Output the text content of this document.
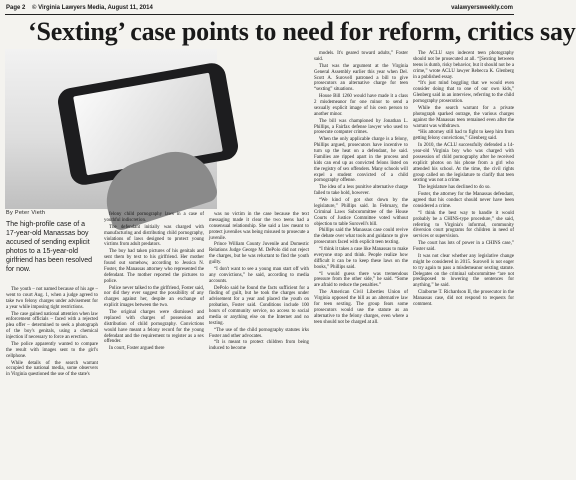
Page 2 © Virginia Lawyers Media, August 11, 2014	valawyersweekly.com
‘Sexting’ case points to need for reform, critics say
By Peter Vieth

The high-profile case of a 17-year-old Manassas boy accused of sending explicit photos to a 15-year-old girlfriend has been resolved for now.

The youth – not named because of his age – went to court Aug. 1, when a judge agreed to take two felony charges under advisement for a year while imposing tight restrictions.

The case gained national attention when law enforcement officials – faced with a rejected plea offer – determined to seek a photograph of the boy's genitals, using a chemical injection if necessary to force an erection.

The police apparently wanted to compare the result with images sent to the girl's cellphone.

While details of the search warrant occupied the national media, some observers in Virginia questioned the use of the state's

felony child pornography laws in a case of youthful indiscretion.

The defendant initially was charged with manufacturing and distributing child pornography, violations of laws designed to protect young victims from adult predators.

The boy had taken pictures of his genitals and sent them by text to his girlfriend. Her mother found out somehow, according to Jessica N. Foster, the Manassas attorney who represented the defendant. The mother reported the pictures to police.

Police never talked to the girlfriend, Foster said, nor did they ever suggest the possibility of any charges against her, despite an exchange of explicit images between the two.

The original charges were dismissed and replaced with charges of possession and distribution of child pornography. Convictions would have meant a felony record for the young defendant and the requirement to register as a sex offender.

In court, Foster argued there

was no victim in the case because the text messaging made it clear the two teens had a consensual relationship. She said a law meant to protect juveniles was being misused to prosecute a juvenile.

Prince William County Juvenile and Domestic Relations Judge George M. DePolo did not reject the charges, but he was reluctant to find the youth guilty.

“I don't want to see a young man start off with any convictions,” he said, according to media accounts.

DePolo said he found the facts sufficient for a finding of guilt, but he took the charges under advisement for a year and placed the youth on probation, Foster said. Conditions include 100 hours of community service, no access to social media or anything else on the Internet and no texting.

“The use of the child pornography statutes irks Foster and other advocates.

“It is meant to protect children from being induced to become

models. It's geared toward adults,” Foster said.

That was the argument at the Virginia General Assembly earlier this year when Del. Scott A. Surovell patroned a bill to give prosecutors an alternative charge for teen “sexting” situations.

House Bill 1260 would have made it a class 2 misdemeanor for one minor to send a sexually explicit image of his own person to another minor.

The bill was championed by Jonathan L. Phillips, a Fairfax defense lawyer who used to prosecute computer crimes.

When the only applicable charge is a felony, Phillips argued, prosecutors have incentive to turn up the heat on a defendant, he said. Families are ripped apart in the process and kids can end up as convicted felons listed on the registry of sex offenders. Many schools will expel a student convicted of a child pornography offense.

The idea of a less punitive alternative charge failed to take hold, however.

“We kind of got shot down by the legislature,” Phillips said. In February, the Criminal Laws Subcommittee of the House Courts of Justice Committee voted without objection to table Surovell's bill.

Phillips said the Manassas case could revive the debate over what tools and guidance to give prosecutors faced with explicit teen texting.

“I think it takes a case like Manassas to make everyone stop and think. People realize how difficult it can be to keep these laws on the books,” Phillips said.

“I would guess there was tremendous pressure from the other side,” he said. “Some are afraid to reduce the penalties.”

The American Civil Liberties Union of Virginia opposed the bill as an alternative law for teen sexting. The group fears some prosecutors would use the statute as an alternative to the felony charges, even where a teen should not be charged at all.

The ACLU says indecent teen photography should not be prosecuted at all. “[Sexting between teens is dumb, risky behavior, but it should not be a crime,” wrote ACLU lawyer Rebecca K. Glenberg in a published essay.

“It's just mind boggling that we would even consider doing that to one of our own kids,” Glenberg said in an interview, referring to the child pornography prosecution.

While the search warrant for a private photograph sparked outrage, the various charges against the Manassas teen remained even after the warrant was withdrawn.

“His attorney still had to fight to keep him from getting felony convictions,” Glenberg said.

In 2010, the ACLU successfully defended a 14-year-old Virginia boy who was charged with possession of child pornography after he received explicit photos on his phone from a girl who attended his school. At the time, the civil rights group called on the legislature to clarify that teen sexting was not a crime.

The legislature has declined to do so.

Foster, the attorney for the Manassas defendant, agreed that his conduct should never have been considered a crime.

“I think the best way to handle it would probably be a CHINS-type procedure,” she said, referring to Virginia's informal, community diversion court programs for children in need of services or supervision.

The court has lots of power in a CHINS case,” Foster said.

It was not clear whether any legislative change might be considered in 2015. Surovell is not eager to try again to pass a misdemeanor sexting statute. Delegates on the criminal subcommittee “are not predisposed to lowering the sentences for anything,” he said.

Claiborne T. Richardson II, the prosecutor in the Manassas case, did not respond to requests for comment.
